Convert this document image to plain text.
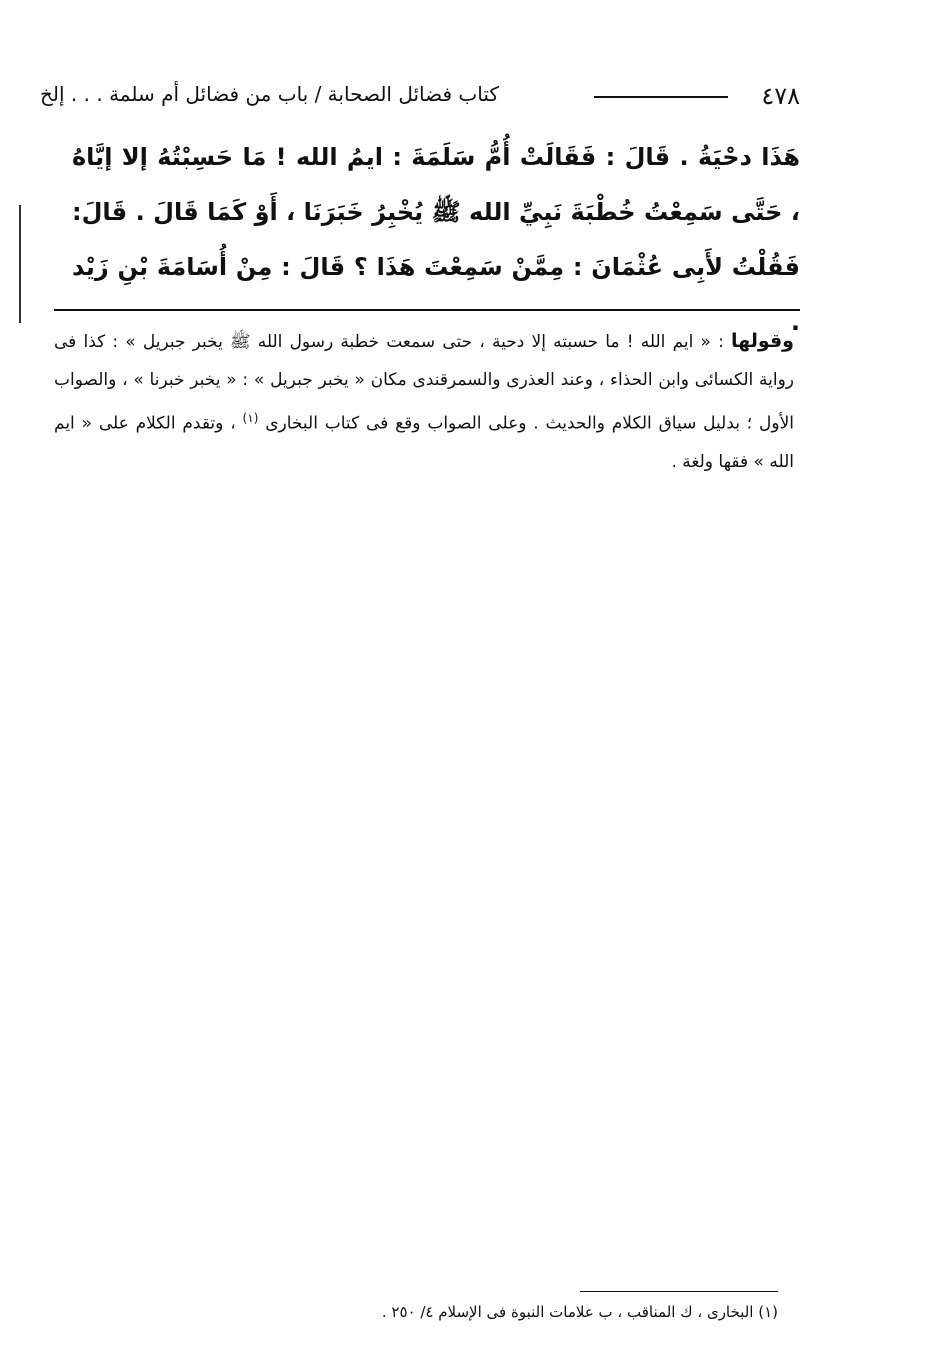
٤٧٨
كتاب فضائل الصحابة / باب من فضائل أم سلمة . . . إلخ
هَذَا دحْيَةُ . قَالَ : فَقَالَتْ أُمُّ سَلَمَةَ : ايمُ الله ! مَا حَسِبْتُهُ إلا إيَّاهُ ، حَتَّى سَمِعْتُ خُطْبَةَ نَبِيِّ الله ﷺ يُخْبِرُ خَبَرَنَا ، أَوْ كَمَا قَالَ . قَالَ: فَقُلْتُ لأَبِى عُثْمَانَ : مِمَّنْ سَمِعْتَ هَذَا ؟ قَالَ : مِنْ أُسَامَةَ بْنِ زَيْد .
وقولها : « ايم الله ! ما حسبته إلا دحية ، حتى سمعت خطبة رسول الله ﷺ يخبر جبريل » : كذا فى رواية الكسائى وابن الحذاء ، وعند العذرى والسمرقندى مكان « يخبر جبريل » : « يخبر خبرنا » ، والصواب الأول ؛ بدليل سياق الكلام والحديث . وعلى الصواب وقع فى كتاب البخارى $^{(١)}$ ، وتقدم الكلام على « ايم الله » فقها ولغة .
(١) البخارى ، ك المناقب ، ب علامات النبوة فى الإسلام ٤/ ٢٥٠ .
